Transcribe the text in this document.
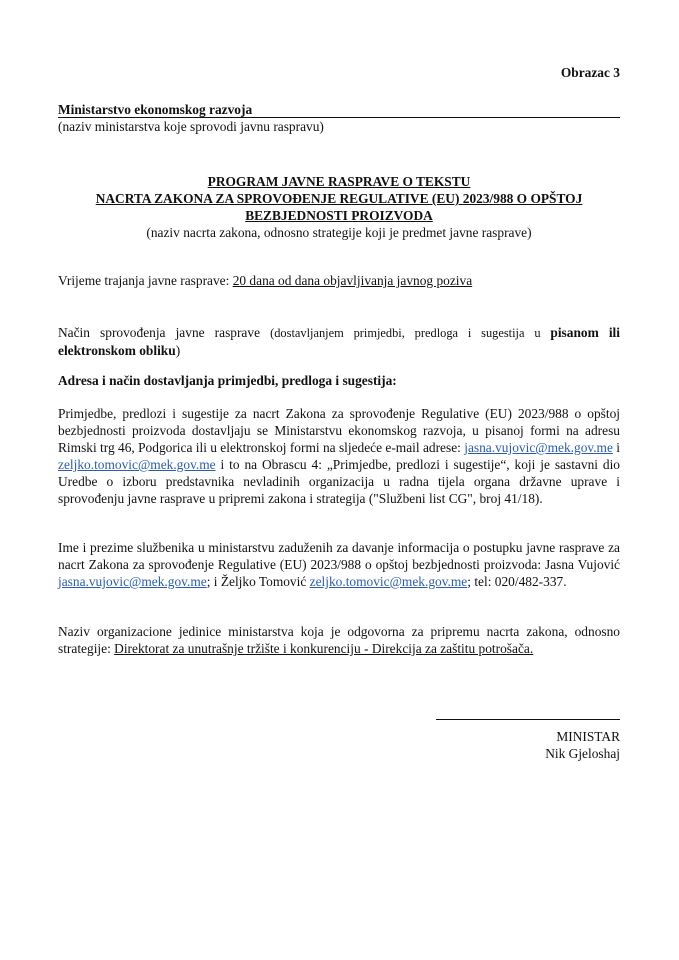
Obrazac 3
Ministarstvo ekonomskog razvoja
(naziv ministarstva koje sprovodi javnu raspravu)
PROGRAM JAVNE RASPRAVE O TEKSTU
NACRTA ZAKONA ZA SPROVOĐENJE REGULATIVE (EU) 2023/988 O OPŠTOJ
BEZBJEDNOSTI PROIZVODA
(naziv nacrta zakona, odnosno strategije koji je predmet javne rasprave)
Vrijeme trajanja javne rasprave: 20 dana od dana objavljivanja javnog poziva
Način sprovođenja javne rasprave (dostavljanjem primjedbi, predloga i sugestija u pisanom ili elektronskom obliku)
Adresa i način dostavljanja primjedbi, predloga i sugestija:
Primjedbe, predlozi i sugestije za nacrt Zakona za sprovođenje Regulative (EU) 2023/988 o opštoj bezbjednosti proizvoda dostavljaju se Ministarstvu ekonomskog razvoja, u pisanoj formi na adresu Rimski trg 46, Podgorica ili u elektronskoj formi na sljedeće e-mail adrese: jasna.vujovic@mek.gov.me i zeljko.tomovic@mek.gov.me i to na Obrascu 4: „Primjedbe, predlozi i sugestije“, koji je sastavni dio Uredbe o izboru predstavnika nevladinih organizacija u radna tijela organa državne uprave i sprovođenju javne rasprave u pripremi zakona i strategija ("Službeni list CG", broj 41/18).
Ime i prezime službenika u ministarstvu zaduženih za davanje informacija o postupku javne rasprave za nacrt Zakona za sprovođenje Regulative (EU) 2023/988 o opštoj bezbjednosti proizvoda: Jasna Vujović jasna.vujovic@mek.gov.me; i Željko Tomović zeljko.tomovic@mek.gov.me; tel: 020/482-337.
Naziv organizacione jedinice ministarstva koja je odgovorna za pripremu nacrta zakona, odnosno strategije: Direktorat za unutrašnje tržište i konkurenciju - Direkcija za zaštitu potrošača.
MINISTAR
Nik Gjeloshaj
